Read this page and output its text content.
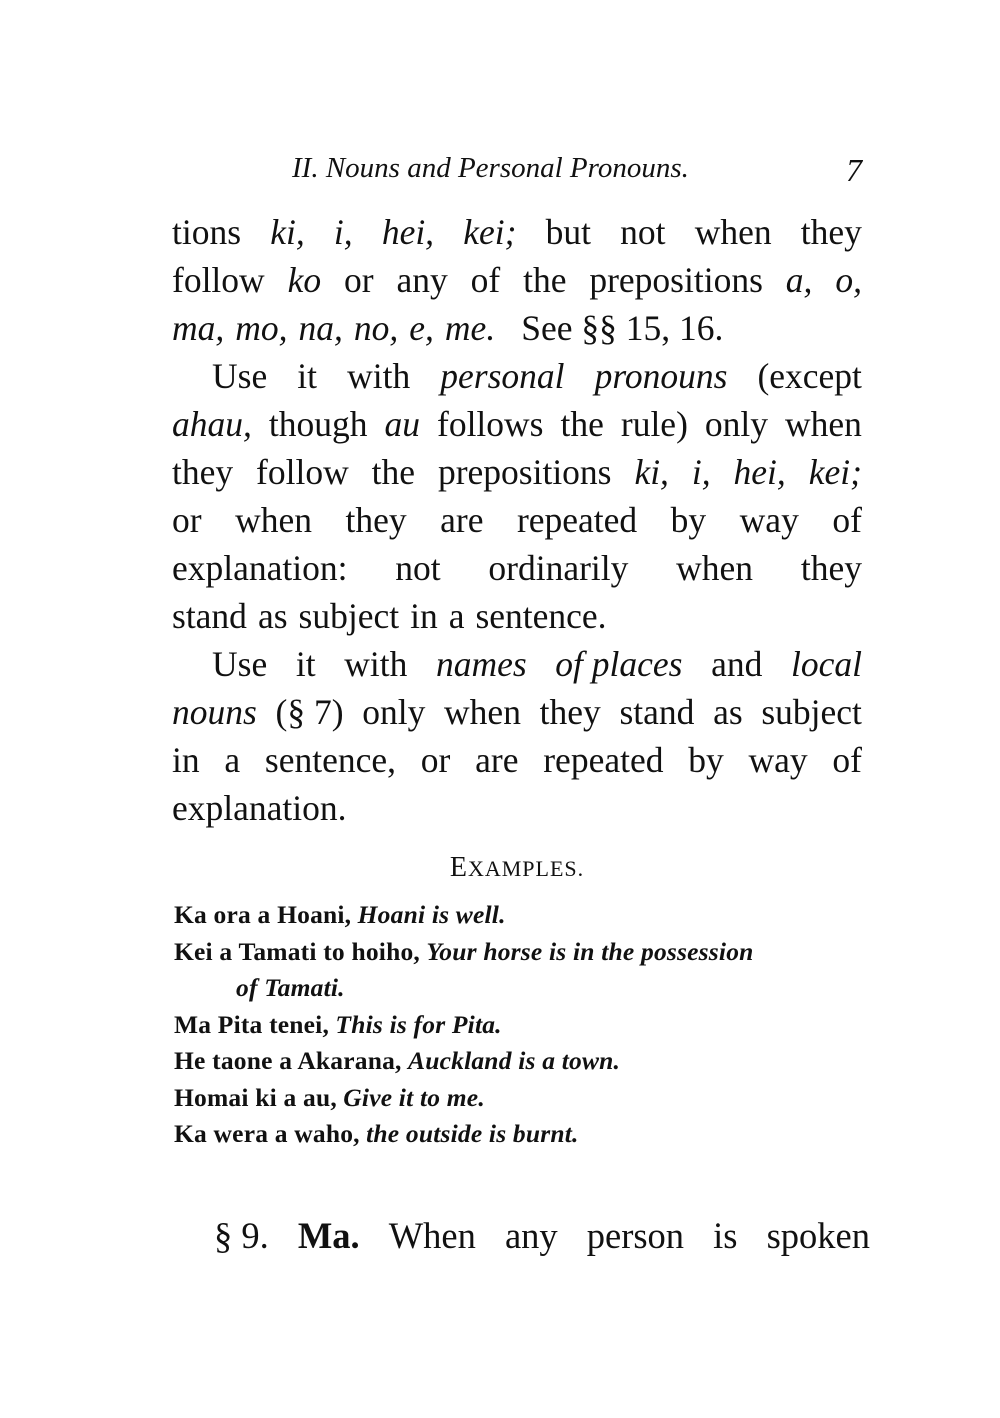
II. Nouns and Personal Pronouns.	7
tions ki, i, hei, kei; but not when they
follow ko or any of the prepositions a, o,
ma, mo, na, no, e, me. See §§ 15, 16.
Use it with personal pronouns (except
ahau, though au follows the rule) only when
they follow the prepositions ki, i, hei, kei;
or when they are repeated by way of
explanation: not ordinarily when they
stand as subject in a sentence.
Use it with names of places and local
nouns (§ 7) only when they stand as subject
in a sentence, or are repeated by way of
explanation.
EXAMPLES.
Ka ora a Hoani, Hoani is well.
Kei a Tamati to hoiho, Your horse is in the possession
of Tamati.
Ma Pita tenei, This is for Pita.
He taone a Akarana, Auckland is a town.
Homai ki a au, Give it to me.
Ka wera a waho, the outside is burnt.
§ 9. Ma. When any person is spoken
